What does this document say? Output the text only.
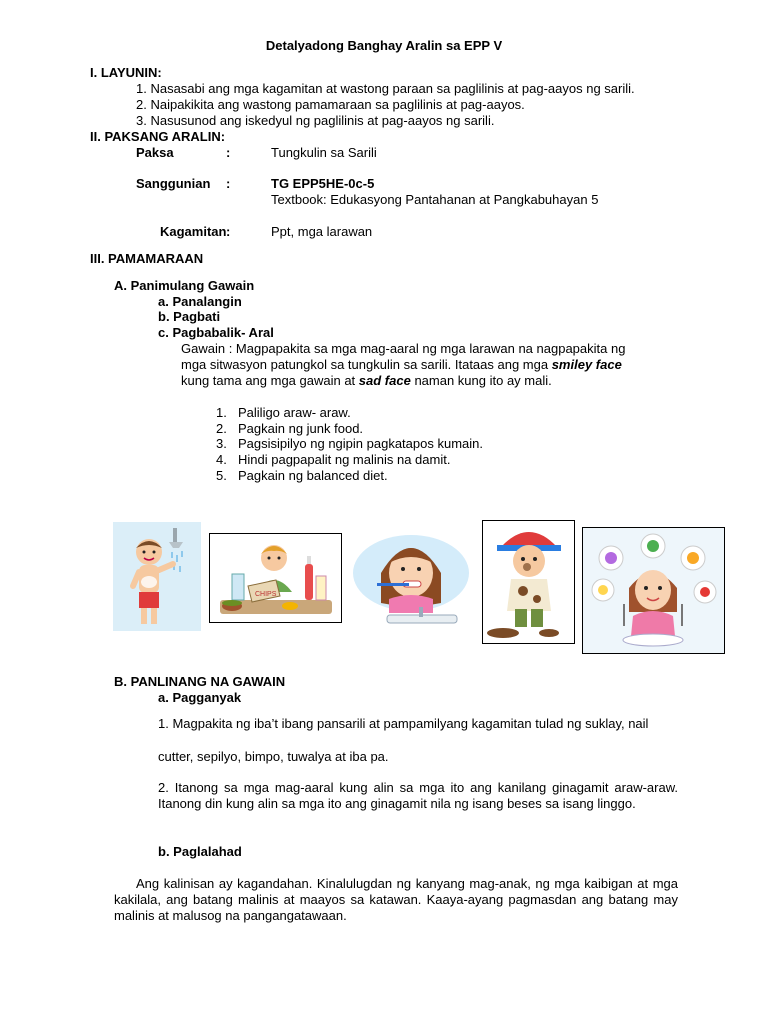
Detalyadong Banghay Aralin sa EPP V
I. LAYUNIN:
1. Nasasabi ang mga kagamitan at wastong paraan sa paglilinis at pag-aayos ng sarili.
2. Naipakikita ang wastong pamamaraan sa paglilinis at pag-aayos.
3. Nasusunod ang iskedyul ng paglilinis at pag-aayos ng sarili.
II. PAKSANG ARALIN:
Paksa	:	Tungkulin sa Sarili
Sanggunian :	TG EPP5HE-0c-5
Textbook: Edukasyong Pantahanan at Pangkabuhayan 5
Kagamitan :	Ppt, mga larawan
III. PAMAMARAAN
A. Panimulang Gawain
a. Panalangin
b. Pagbati
c. Pagbabalik- Aral
Gawain : Magpapakita sa mga mag-aaral ng mga larawan na nagpapakita ng
mga sitwasyon patungkol sa tungkulin sa sarili. Itataas ang mga smiley face
kung tama ang mga gawain at sad face naman kung ito ay mali.
1. Paliligo araw- araw.
2. Pagkain ng junk food.
3. Pagsisipilyo ng ngipin pagkatapos kumain.
4. Hindi pagpapalit ng malinis na damit.
5. Pagkain ng balanced diet.
CHIPS
B. PANLINANG NA GAWAIN
a. Pagganyak
1. Magpakita ng iba’t ibang pansarili at pampamilyang kagamitan tulad ng suklay, nail
cutter, sepilyo, bimpo, tuwalya at iba pa.
2. Itanong sa mga mag-aaral kung alin sa mga ito ang kanilang ginagamit araw-araw. Itanong din kung alin sa mga ito ang ginagamit nila ng isang beses sa isang linggo.
b. Paglalahad
Ang kalinisan ay kagandahan. Kinalulugdan ng kanyang mag-anak, ng mga kaibigan at mga kakilala, ang batang malinis at maayos sa katawan. Kaaya-ayang pagmasdan ang batang may malinis at malusog na pangangatawaan.
